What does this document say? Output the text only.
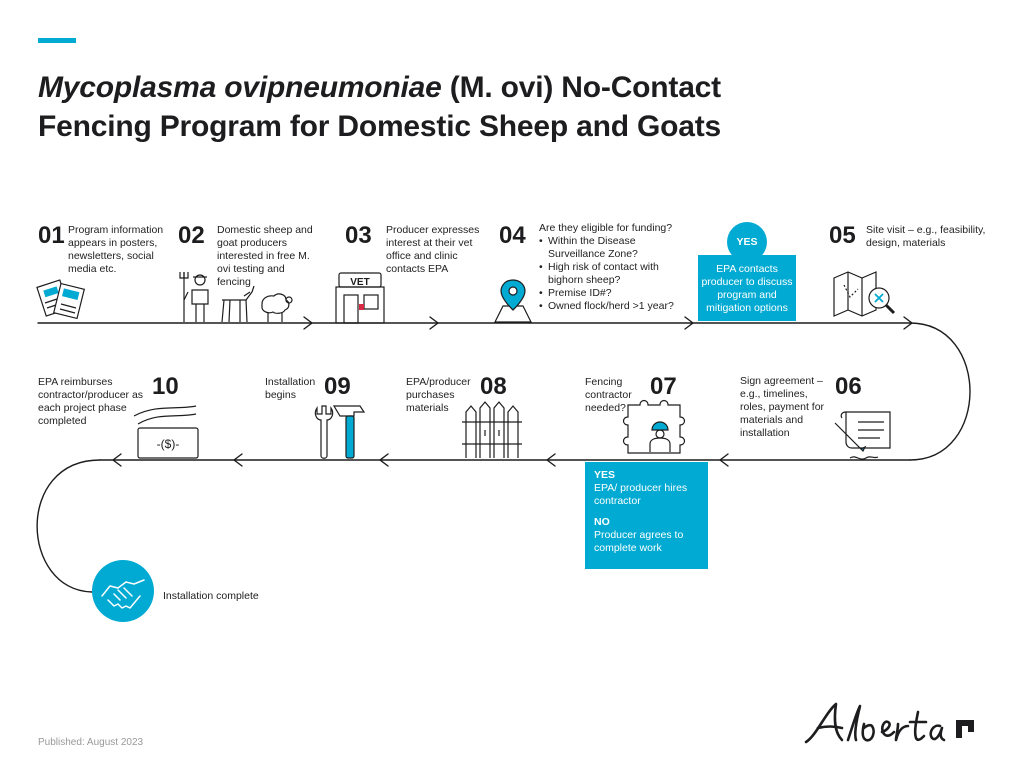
Mycoplasma ovipneumoniae (M. ovi) No-Contact
Fencing Program for Domestic Sheep and Goats
VET
-($)-
01 Program information appears in posters, newsletters, social media etc.
02 Domestic sheep and goat producers interested in free M. ovi testing and fencing
03 Producer expresses interest at their vet office and clinic contacts EPA
04 Are they eligible for funding?
• Within the Disease Surveillance Zone?
• High risk of contact with bighorn sheep?
• Premise ID#?
• Owned flock/herd >1 year?
EPA contacts producer to discuss program and mitigation options
YES	05 Site visit – e.g., feasibility, design, materials
06
Sign agreement – e.g., timelines, roles, payment for materials and installation
07
Fencing contractor needed?

YES

EPA/ producer hires contractor

NO

Producer agrees to complete work

08
EPA/producer purchases materials
09
Installation begins
10
EPA reimburses contractor/producer as each project phase completed
Installation complete
Published: August 2023
